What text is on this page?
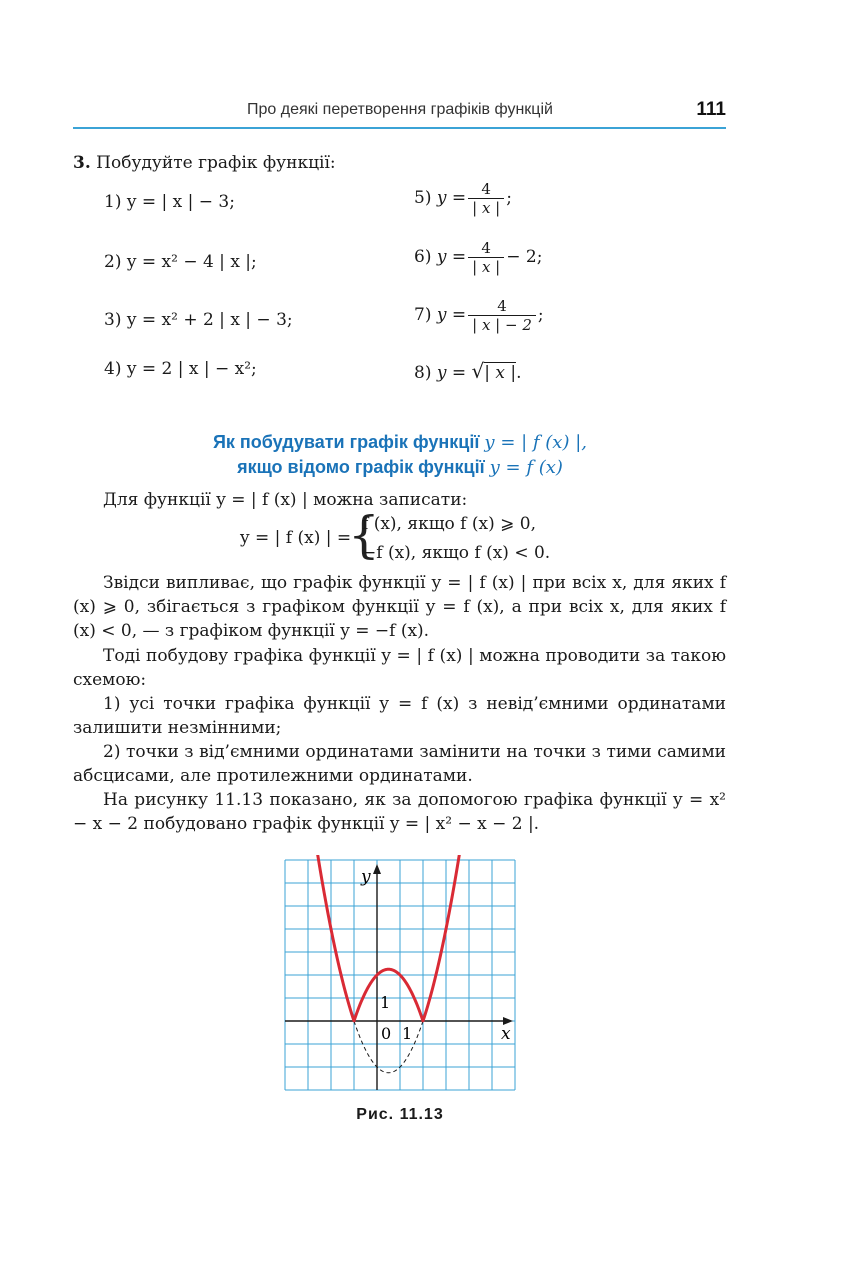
Про деякі перетворення графіків функцій	111
3. Побудуйте графік функції:
1) y = | x | − 3;
2) y = x² − 4 | x |;
3) y = x² + 2 | x | − 3;
4) y = 2 | x | − x²;
5) $y = \frac{4}{| x |}$ ;
6) $y = \frac{4}{| x |} - 2$;
7) $y = \frac{4}{| x | - 2}$ ;
8) y = √| x |.
Як побудувати графік функції y = | f (x) |,
якщо відомо графік функції y = f (x)
Для функції y = | f (x) | можна записати:
y = | f (x) | =
{
f (x), якщо f (x) ⩾ 0,
−f (x), якщо f (x) < 0.
Звідси випливає, що графік функції y = | f (x) | при всіх x, для яких f (x) ⩾ 0, збігається з графіком функції y = f (x), а при всіх x, для яких f (x) < 0, — з графіком функції y = −f (x).
Тоді побудову графіка функції y = | f (x) | можна проводити за такою схемою:
1) усі точки графіка функції y = f (x) з невід’ємними ординатами залишити незмінними;
2) точки з від’ємними ординатами замінити на точки з тими самими абсцисами, але протилежними ординатами.
На рисунку 11.13 показано, як за допомогою графіка функції y = x² − x − 2 побудовано графік функції y = | x² − x − 2 |.
y
x
0 1
1
Рис. 11.13
